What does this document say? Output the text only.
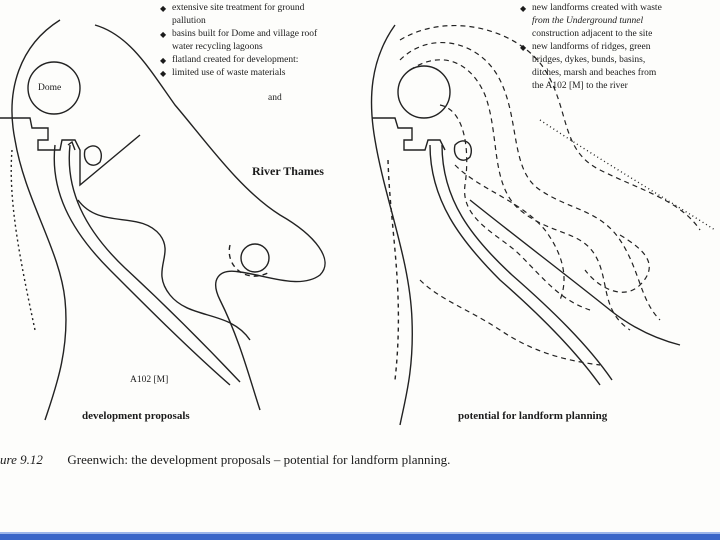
◆ extensive site treatment for ground
pallution
◆ basins built for Dome and village roof
water recycling lagoons
◆ flatland created for development:
◆ limited use of waste materials
and
Dome
River Thames
A102 [M]
development proposals
◆ new landforms created with waste
from the Underground tunnel
construction adjacent to the site
◆ new landforms of ridges, green
bridges, dykes, bunds, basins,
ditches, marsh and beaches from
the A102 [M] to the river
potential for landform planning
ure 9.12 Greenwich: the development proposals – potential for landform planning.
